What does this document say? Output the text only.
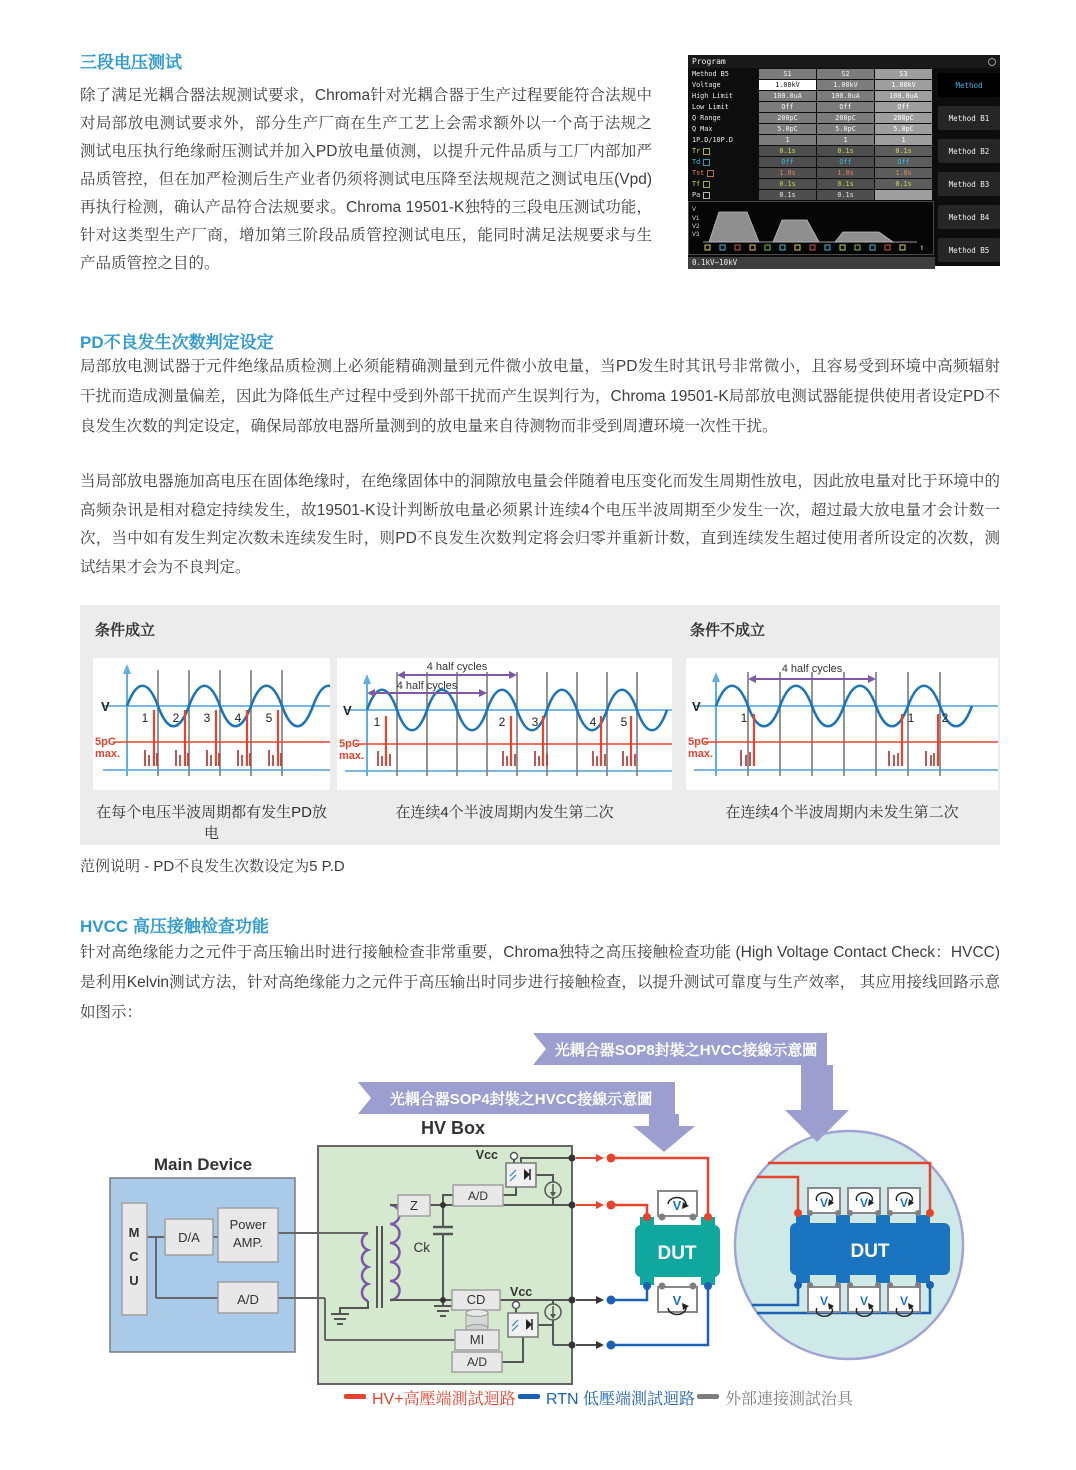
三段电压测试

除了满足光耦合器法规测试要求，Chroma针对光耦合器于生产过程要能符合法规中对局部放电测试要求外，部分生产厂商在生产工艺上会需求额外以一个高于法规之测试电压执行绝缘耐压测试并加入PD放电量侦测，以提升元件品质与工厂内部加严品质管控，但在加严检测后生产业者仍须将测试电压降至法规规范之测试电压(Vpd)再执行检测，确认产品符合法规要求。Chroma 19501-K独特的三段电压测试功能，针对这类型生产厂商，增加第三阶段品质管控测试电压，能同时满足法规要求与生产品质管控之目的。

Program
Method B5	S1	S2	S3
Voltage	1.00kV	1.00kV	1.00kV
High Limit	100.0uA	100.0uA	100.0uA
Low Limit	Off	Off	Off
Q Range	200pC	200pC	200pC
Q Max	5.0pC	5.0pC	5.0pC
1P.D/10P.D	1	1	1
Tr	0.1s	0.1s	0.1s
Td	Off	Off	Off
Tst	1.0s	1.0s	1.0s
Tf	0.1s	0.1s	0.1s
Pa	0.1s	0.1s
V
V1
V2
V3
t
0.1kV~10kV
Method
Method B1
Method B2
Method B3
Method B4
Method B5
PD不良发生次数判定设定

局部放电测试器于元件绝缘品质检测上必须能精确测量到元件微小放电量，当PD发生时其讯号非常微小，且容易受到环境中高频辐射干扰而造成测量偏差，因此为降低生产过程中受到外部干扰而产生误判行为，Chroma 19501-K局部放电测试器能提供使用者设定PD不良发生次数的判定设定，确保局部放电器所量测到的放电量来自待测物而非受到周遭环境一次性干扰。

当局部放电器施加高电压在固体绝缘时，在绝缘固体中的洞隙放电量会伴随着电压变化而发生周期性放电，因此放电量对比于环境中的高频杂讯是相对稳定持续发生，故19501-K设计判断放电量必须累计连续4个电压半波周期至少发生一次，超过最大放电量才会计数一次，当中如有发生判定次数未连续发生时，则PD不良发生次数判定将会归零并重新计数，直到连续发生超过使用者所设定的次数，测试结果才会为不良判定。

条件成立	条件不成立
V
5pC
max.
1 2 3 4 5
4 half cycles
4 half cycles
V
5pC
max.
1	2 3	4 5
4 half cycles
V
5pC
max.
1	1 2
在每个电压半波周期都有发生PD放电
在连续4个半波周期内发生第二次	在连续4个半波周期内未发生第二次
范例说明 - PD不良发生次数设定为5 P.D
HVCC 高压接触检查功能

针对高绝缘能力之元件于高压输出时进行接触检查非常重要，Chroma独特之高压接触检查功能 (High Voltage Contact Check：HVCC)是利用Kelvin测试方法，针对高绝缘能力之元件于高压输出时同步进行接触检查，以提升测试可靠度与生产效率， 其应用接线回路示意如图示：

光耦合器SOP8封裝之HVCC接線示意圖
光耦合器SOP4封裝之HVCC接線示意圖
HV Box
Main Device
M
C
U
D/A
Power
AMP.
A/D
Ck
Z
A/D
Vcc
CD
MI
A/D
Vcc
DUT
V
V
DUT
V	V	V
V	V	V
HV+高壓端測試迴路 RTN 低壓端測試迴路 外部連接測試治具
